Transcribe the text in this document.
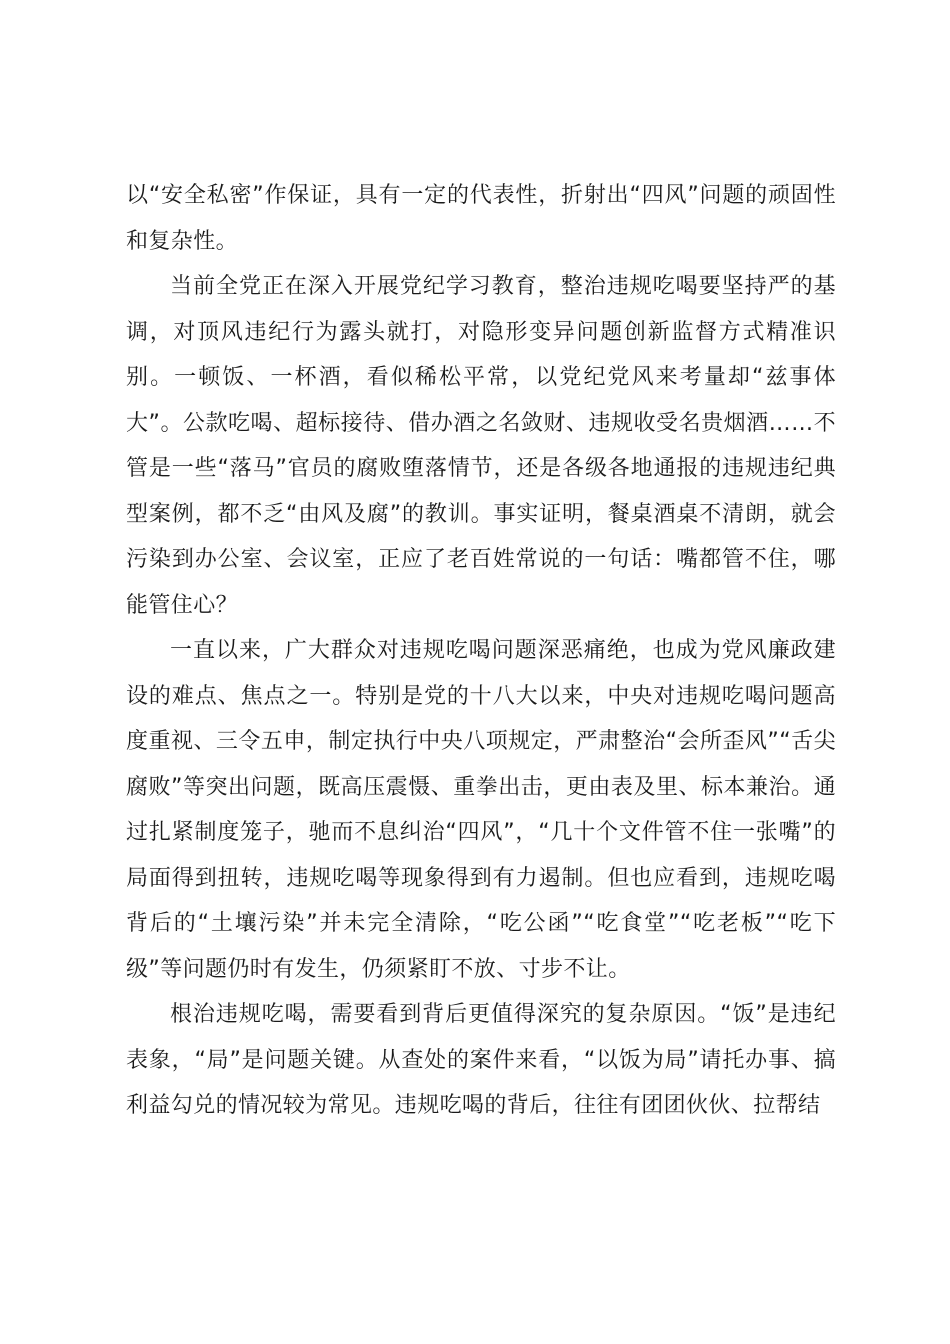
以“安全私密”作保证，具有一定的代表性，折射出“四风”问题的顽固性和复杂性。

当前全党正在深入开展党纪学习教育，整治违规吃喝要坚持严的基调，对顶风违纪行为露头就打，对隐形变异问题创新监督方式精准识别。一顿饭、一杯酒，看似稀松平常，以党纪党风来考量却“兹事体大”。公款吃喝、超标接待、借办酒之名敛财、违规收受名贵烟酒……不管是一些“落马”官员的腐败堕落情节，还是各级各地通报的违规违纪典型案例，都不乏“由风及腐”的教训。事实证明，餐桌酒桌不清朗，就会污染到办公室、会议室，正应了老百姓常说的一句话：嘴都管不住，哪能管住心？

一直以来，广大群众对违规吃喝问题深恶痛绝，也成为党风廉政建设的难点、焦点之一。特别是党的十八大以来，中央对违规吃喝问题高度重视、三令五申，制定执行中央八项规定，严肃整治“会所歪风”“舌尖腐败”等突出问题，既高压震慑、重拳出击，更由表及里、标本兼治。通过扎紧制度笼子，驰而不息纠治“四风”，“几十个文件管不住一张嘴”的局面得到扭转，违规吃喝等现象得到有力遏制。但也应看到，违规吃喝背后的“土壤污染”并未完全清除，“吃公函”“吃食堂”“吃老板”“吃下级”等问题仍时有发生，仍须紧盯不放、寸步不让。

根治违规吃喝，需要看到背后更值得深究的复杂原因。“饭”是违纪表象，“局”是问题关键。从查处的案件来看，“以饭为局”请托办事、搞利益勾兑的情况较为常见。违规吃喝的背后，往往有团团伙伙、拉帮结
